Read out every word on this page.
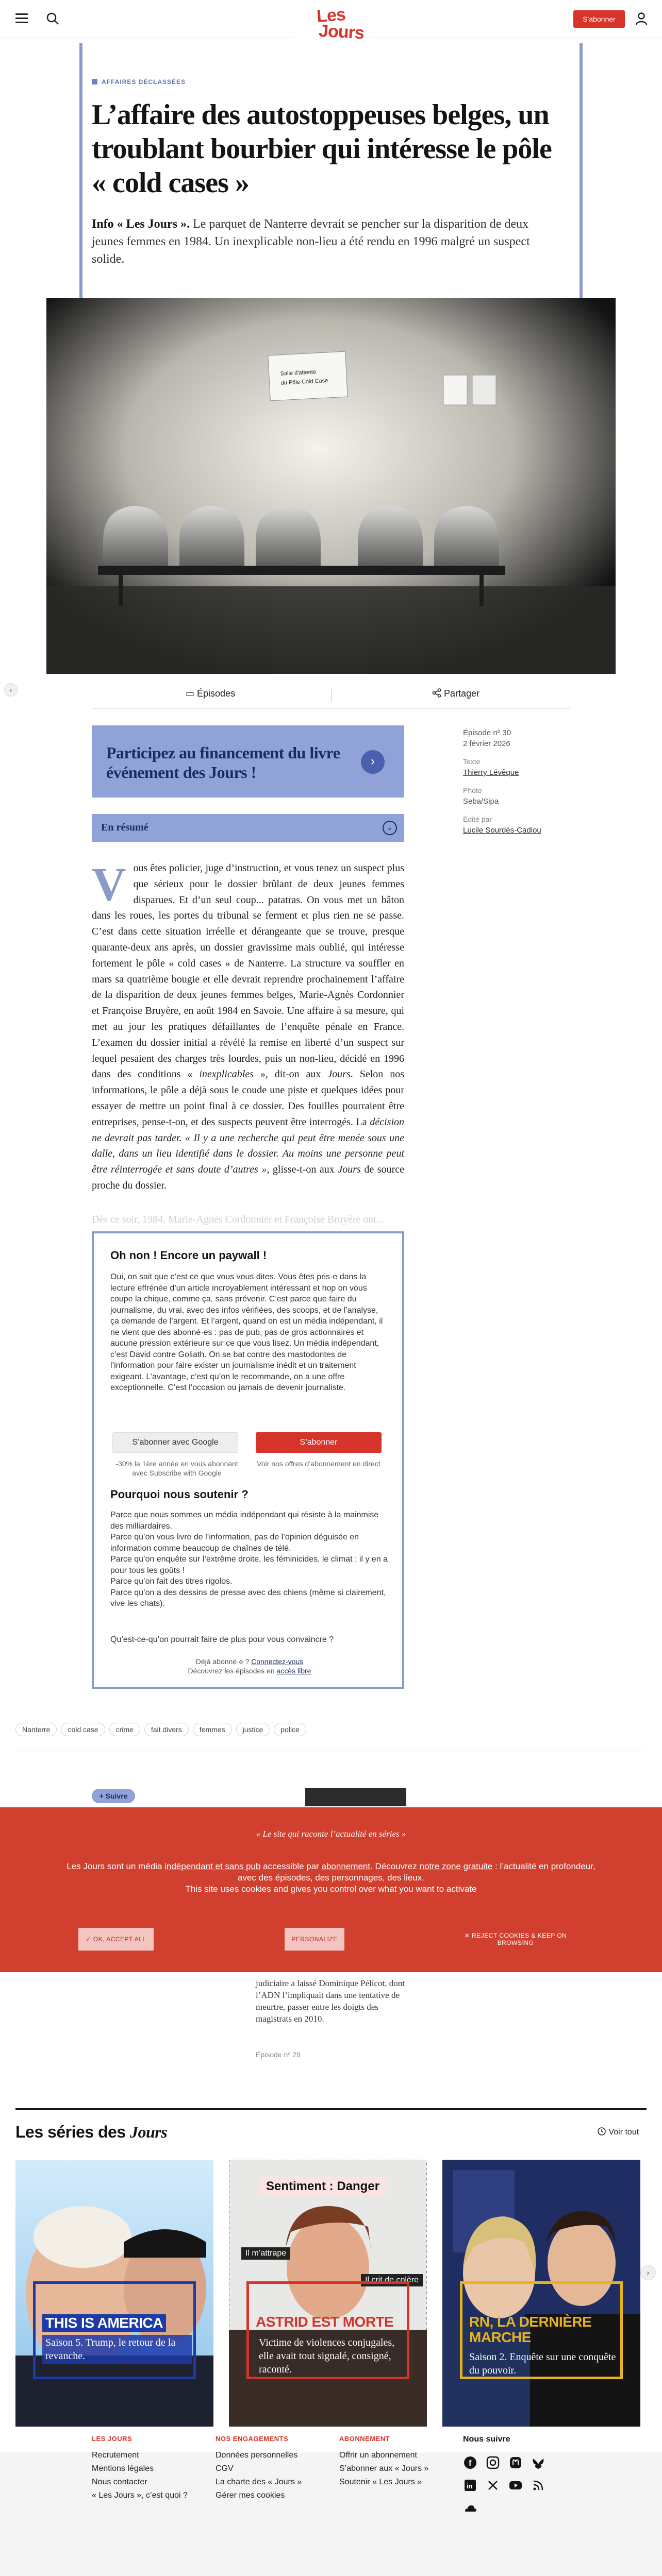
Les
Jours
S'abonner
AFFAIRES DÉCLASSÉES
L’affaire des autostoppeuses belges, un troublant bourbier qui intéresse le pôle « cold cases »

Info « Les Jours ». Le parquet de Nanterre devrait se pencher sur la disparition de deux jeunes femmes en 1984. Un inexplicable non-lieu a été rendu en 1996 malgré un suspect solide.

Salle d'attente
du Pôle Cold Case
‹	▭ Épisodes	Partager
Participez au financement du livre événement des Jours !
›
Épisode nº 30
2 février 2026
Texte
Thierry Lévêque
Photo
Seba/Sipa
Édité par
Lucile Sourdès-Cadiou
En résumé	⌄
Vous êtes policier, juge d’instruction, et vous tenez un suspect plus que sérieux pour le dossier brûlant de deux jeunes femmes disparues. Et d’un seul coup... patatras. On vous met un bâton dans les roues, les portes du tribunal se ferment et plus rien ne se passe. C’est dans cette situation irréelle et dérangeante que se trouve, presque quarante-deux ans après, un dossier gravissime mais oublié, qui intéresse fortement le pôle « cold cases » de Nanterre. La structure va souffler en mars sa quatrième bougie et elle devrait reprendre prochainement l’affaire de la disparition de deux jeunes femmes belges, Marie-Agnès Cordonnier et Françoise Bruyère, en août 1984 en Savoie. Une affaire à sa mesure, qui met au jour les pratiques défaillantes de l’enquête pénale en France. L’examen du dossier initial a révélé la remise en liberté d’un suspect sur lequel pesaient des charges très lourdes, puis un non-lieu, décidé en 1996 dans des conditions « inexplicables », dit-on aux Jours. Selon nos informations, le pôle a déjà sous le coude une piste et quelques idées pour essayer de mettre un point final à ce dossier. Des fouilles pourraient être entreprises, pense-t-on, et des suspects peuvent être interrogés. La décision ne devrait pas tarder. « Il y a une recherche qui peut être menée sous une dalle, dans un lieu identifié dans le dossier. Au moins une personne peut être réinterrogée et sans doute d’autres », glisse-t-on aux Jours de source proche du dossier.
Dès ce soir, 1984, Marie-Agnès Cordonnier et Françoise Bruyère ont...
Oh non ! Encore un paywall !

Oui, on sait que c’est ce que vous vous dites. Vous êtes pris·e dans la lecture effrénée d’un article incroyablement intéressant et hop on vous coupe la chique, comme ça, sans prévenir. C’est parce que faire du journalisme, du vrai, avec des infos vérifiées, des scoops, et de l’analyse, ça demande de l’argent. Et l’argent, quand on est un média indépendant, il ne vient que des abonné·es : pas de pub, pas de gros actionnaires et aucune pression extérieure sur ce que vous lisez. Un média indépendant, c’est David contre Goliath. On se bat contre des mastodontes de l’information pour faire exister un journalisme inédit et un traitement exigeant. L’avantage, c’est qu’on le recommande, on a une offre exceptionnelle. C’est l’occasion ou jamais de devenir journaliste.

S’abonner avec Google	S’abonner
-30% la 1ère année en vous abonnant avec Subscribe with Google
Voir nos offres d’abonnement en direct
Pourquoi nous soutenir ?

Parce que nous sommes un média indépendant qui résiste à la mainmise des milliardaires.

Parce qu’on vous livre de l’information, pas de l’opinion déguisée en information comme beaucoup de chaînes de télé.

Parce qu’on enquête sur l’extrême droite, les féminicides, le climat : il y en a pour tous les goûts !

Parce qu’on fait des titres rigolos.

Parce qu’on a des dessins de presse avec des chiens (même si clairement, vive les chats).

Qu’est-ce-qu’on pourrait faire de plus pour vous convaincre ?

Déjà abonné·e ? Connectez-vous
Découvrez les épisodes en accès libre
Nanterre cold case crime fait divers femmes justice police
+ Suivre
« Le site qui raconte l’actualité en séries »
Les Jours sont un média indépendant et sans pub accessible par abonnement. Découvrez notre zone gratuite : l’actualité en profondeur, avec des épisodes, des personnages, des lieux.
This site uses cookies and gives you control over what you want to activate
✓ OK, ACCEPT ALL	PERSONALIZE	✕ REJECT COOKIES & KEEP ON BROWSING
judiciaire a laissé Dominique Pélicot, dont l’ADN l’impliquait dans une tentative de meurtre, passer entre les doigts des magistrats en 2010.
Épisode nº 29
Les séries des Jours	Voir tout
THIS IS AMERICA
Saison 5. Trump, le retour de la revanche.
Sentiment : Danger
Il m’attrape
Il crit de colère
ASTRID EST MORTE
Victime de violences conjugales, elle avait tout signalé, consigné, raconté.
RN, LA DERNIÈRE MARCHE
Saison 2. Enquête sur une conquête du pouvoir.
›
LES JOURS
Recrutement
Mentions légales
Nous contacter
« Les Jours », c’est quoi ?
NOS ENGAGEMENTS
Données personnelles
CGV
La charte des « Jours »
Gérer mes cookies
ABONNEMENT
Offrir un abonnement
S’abonner aux « Jours »
Soutenir « Les Jours »
Nous suivre
f
in
